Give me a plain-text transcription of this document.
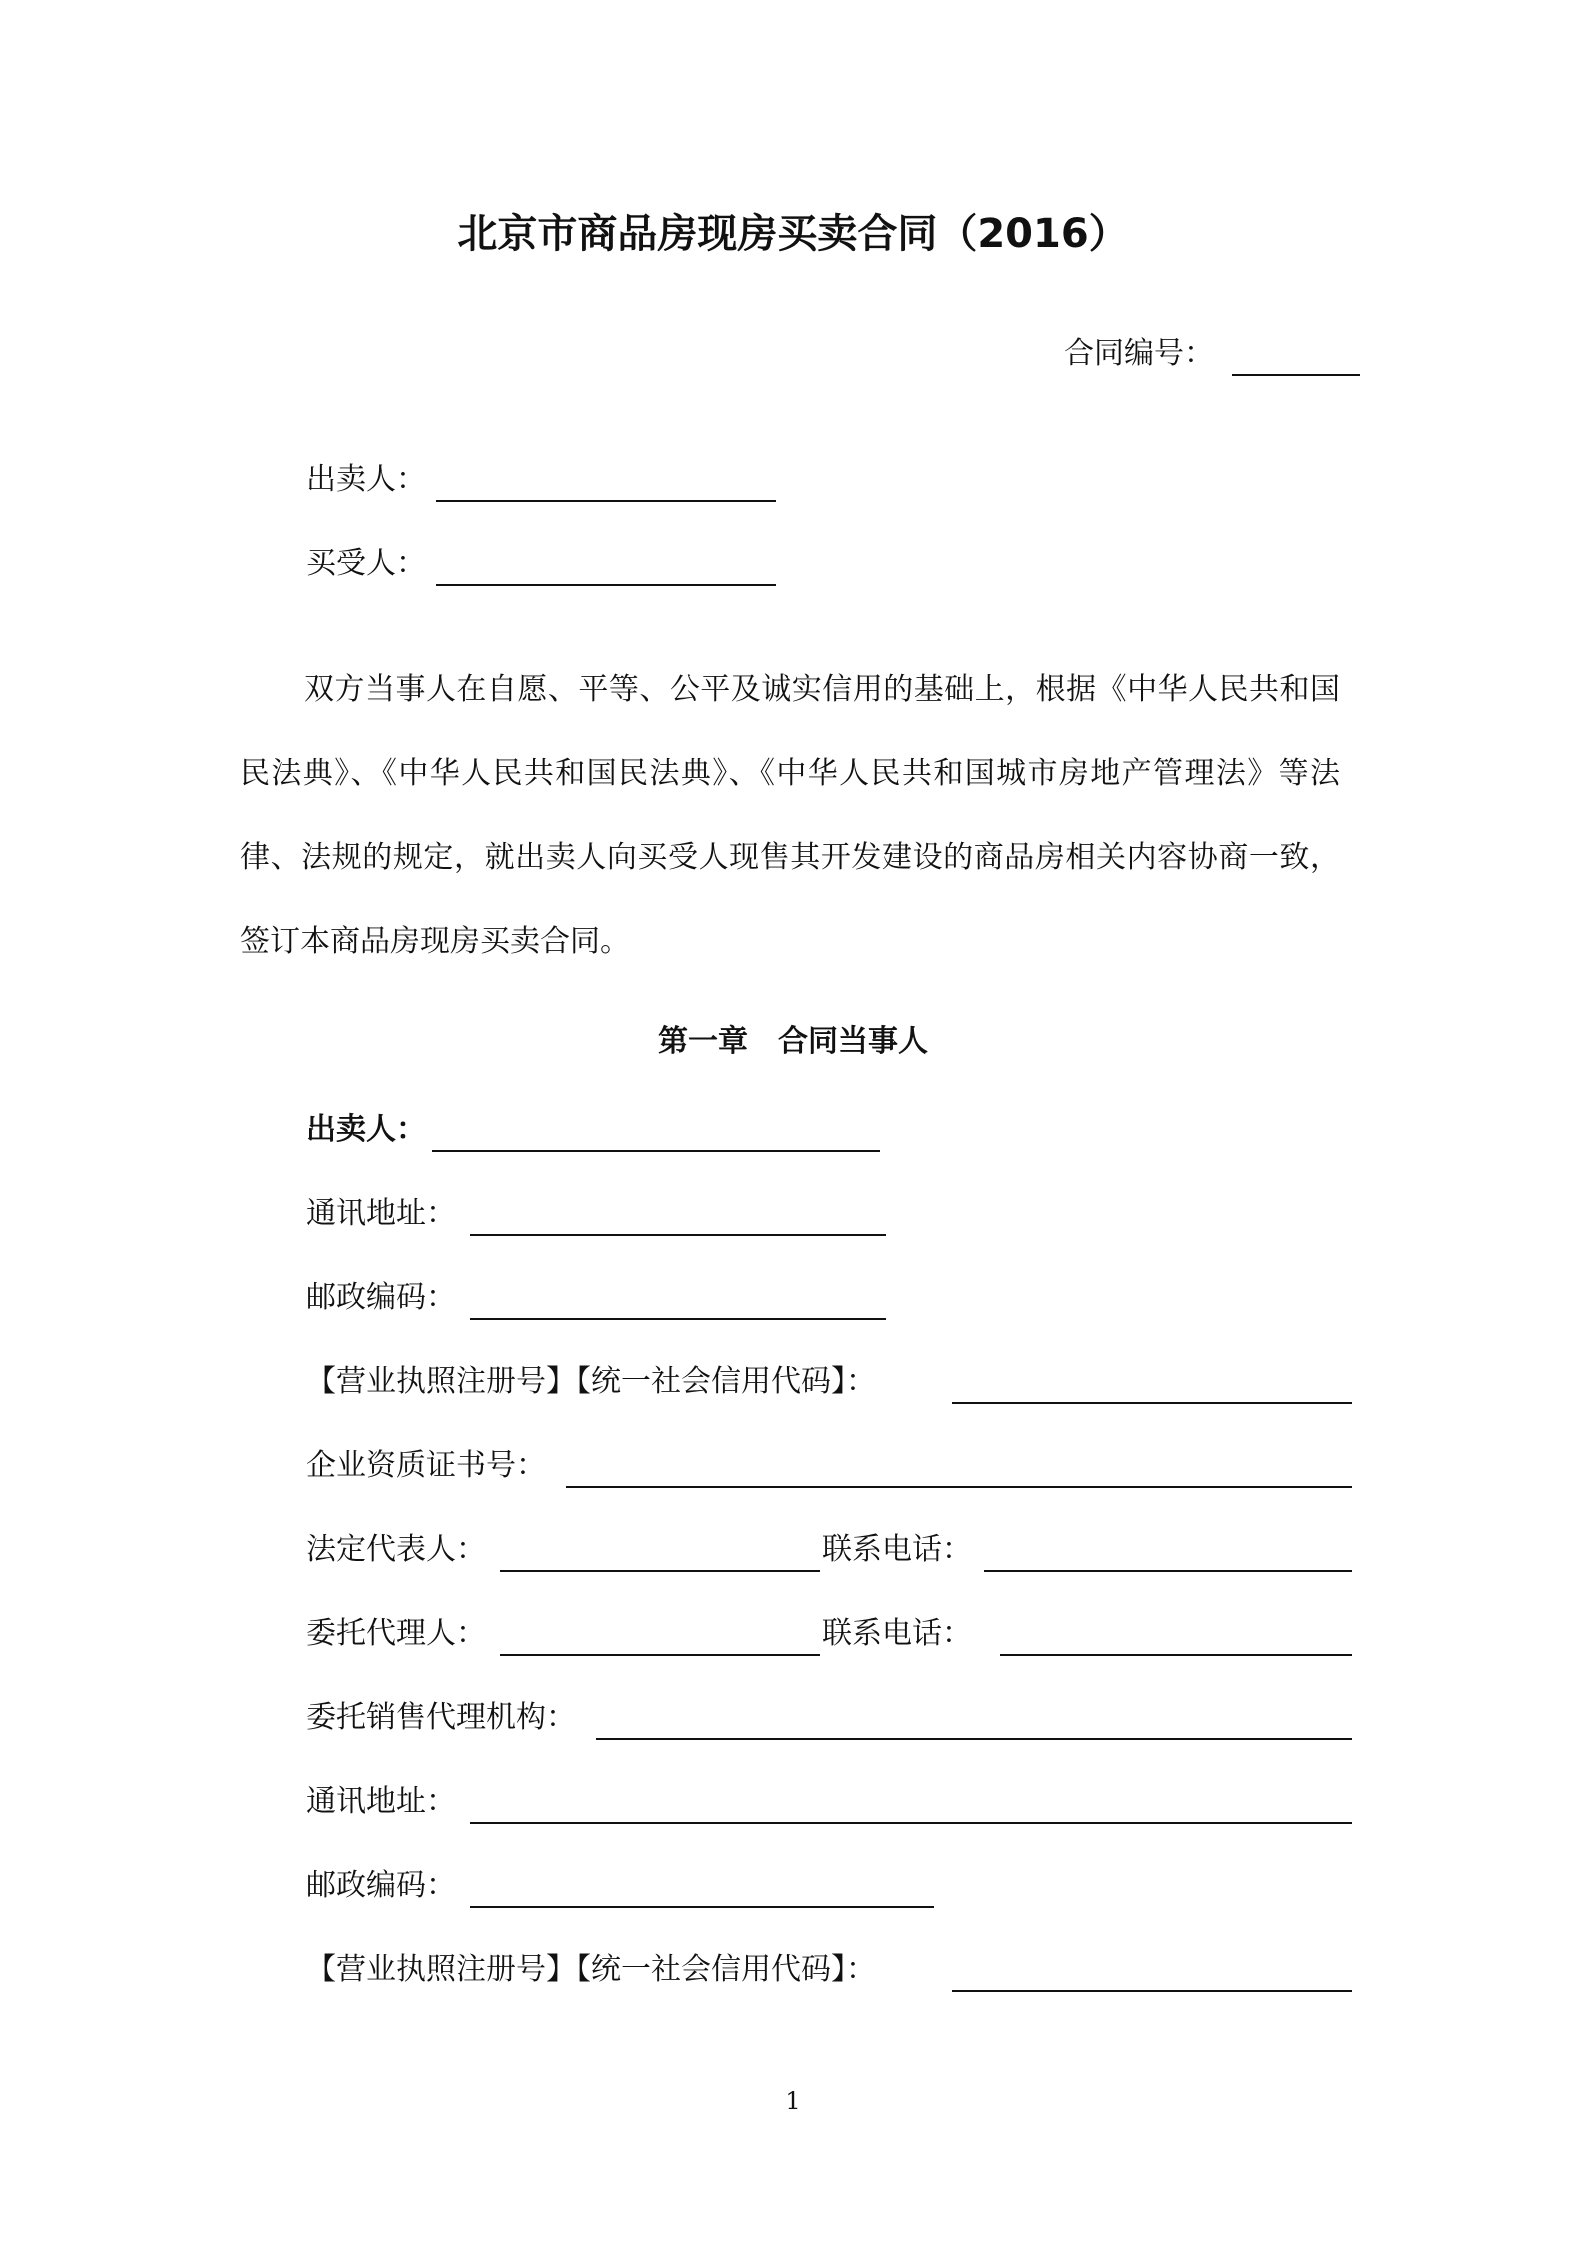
北京市商品房现房买卖合同（2016）
合同编号：
出卖人：
买受人：
双方当事人在自愿、平等、公平及诚实信用的基础上，根据《中华人民共和国民法典》、《中华人民共和国民法典》、《中华人民共和国城市房地产管理法》等法律、法规的规定，就出卖人向买受人现售其开发建设的商品房相关内容协商一致，签订本商品房现房买卖合同。
第一章　合同当事人
出卖人：
通讯地址：
邮政编码：
【营业执照注册号】【统一社会信用代码】：
企业资质证书号：
法定代表人：	联系电话：
委托代理人：	联系电话：
委托销售代理机构：
通讯地址：
邮政编码：
【营业执照注册号】【统一社会信用代码】：
1
